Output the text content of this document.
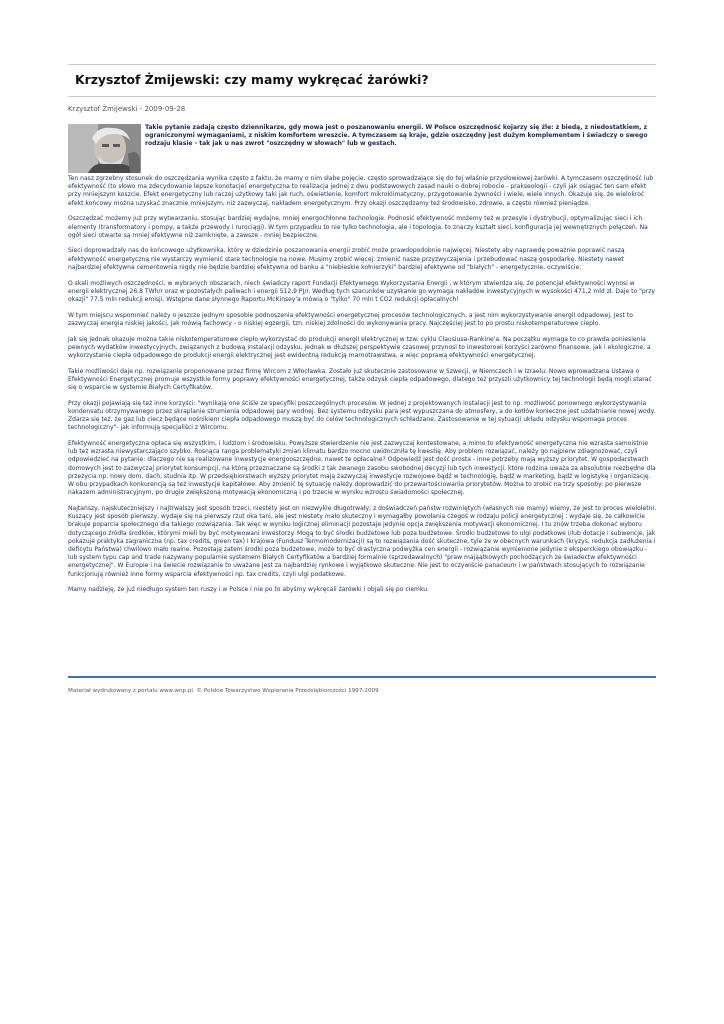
Krzysztof Żmijewski: czy mamy wykręcać żarówki?
Krzysztof Żmijewski - 2009-09-28

Takie pytanie zadają często dziennikarze, gdy mowa jest o poszanowaniu energii. W Polsce oszczędność kojarzy się źle: z biedą, z niedostatkiem, z ograniczonymi wymaganiami, z niskim komfortem wreszcie. A tymczasem są kraje, gdzie oszczędny jest dużym komplementem i świadczy o swego rodzaju klasie - tak jak u nas zwrot "oszczędny w słowach" lub w gestach.

Ten nasz zgrzebny stosunek do oszczędzania wynika często z faktu, że mamy o nim słabe pojęcie, często sprowadzające się do tej właśnie przysłowiowej żarówki. A tymczasem oszczędność lub efektywność (to słowo ma zdecydowanie lepsze konotacje) energetyczna to realizacja jednej z dwu podstawowych zasad nauki o dobrej robocie - prakseologii - czyli jak osiągać ten sam efekt przy mniejszym koszcie. Efekt energetyczny lub raczej użytkowy taki jak ruch, oświetlenie, komfort mikroklimatyczny, przygotowanie żywności i wiele, wiele innych. Okazuje się, że wielokroć efekt końcowy można uzyskać znacznie mniejszym, niż zazwyczaj, nakładem energetycznym. Przy okazji oszczędzamy też środowisko, zdrowie, a często również pieniądze.

Oszczędzać możemy już przy wytwarzaniu, stosując bardziej wydajne, mniej energochłonne technologie. Podnosić efektywność możemy też w przesyle i dystrybucji, optymalizując sieci i ich elementy (transformatory i pompy, a także przewody i rurociągi). W tym przypadku to nie tylko technologia, ale i topologia, to znaczy kształt sieci, konfiguracja jej wewnętrznych połączeń. Na ogół sieci otwarte są mniej efektywne niż zamknięte, a zawsze - mniej bezpieczne.

Sieci doprowadzały nas do końcowego użytkownika, który w dziedzinie poszanowania energii zrobić może prawdopodobnie najwięcej. Niestety aby naprawdę poważnie poprawić naszą efektywność energetyczną nie wystarczy wymienić stare technologie na nowe. Musimy zrobić więcej: zmienić nasze przyzwyczajenia i przebudować naszą gospodarkę. Niestety nawet najbardziej efektywna cementownia nigdy nie będzie bardziej efektywna od banku a "niebieskie kołnierzyki" bardziej efektywne od "białych" - energetycznie, oczywiście.

O skali możliwych oszczędności, w wybranych obszarach, niech świadczy raport Fundacji Efektywnego Wykorzystania Energii , w którym stwierdza się, że potencjał efektywności wynosi w energii elektrycznej 26,8 TWh/r oraz w pozostałych paliwach i energii 512,9 PJ/r. Według tych szacunków uzyskanie go wymaga nakładów inwestycyjnych w wysokości 471,2 mld zł. Daje to "przy okazji" 77.5 mln redukcji emisji. Wstępne dane słynnego Raportu McKinsey'a mówią o "tylko" 70 mln t CO2 redukcji opłacalnych!

W tym miejscu wspomnieć należy o jeszcze jednym sposobie podnoszenia efektywności energetycznej procesów technologicznych, a jest nim wykorzystywanie energii odpadowej. Jest to zazwyczaj energia niskiej jakości, jak mówią fachowcy - o niskiej egzergii, tzn. niskiej zdolności do wykonywania pracy. Najczęściej jest to po prostu niskotemperaturowe ciepło.

Jak się jednak okazuje można takie niskotemperaturowe ciepło wykorzystać do produkcji energii elektrycznej w tzw. cyklu Clausiusa-Rankine'a. Na początku wymaga to co prawda poniesienia pewnych wydatków inwestycyjnych, związanych z budową instalacji odzysku, jednak w dłuższej perspektywie czasowej przynosi to inwestorowi korzyści zarówno finansowe, jak i ekologiczne, a wykorzystanie ciepła odpadowego do produkcji energii elektrycznej jest ewidentną redukcją marnotrawstwa, a więc poprawą efektywności energetycznej.

Takie możliwości daje np. rozwiązanie proponowane przez firmę Wircom z Włocławka. Zostało już skutecznie zastosowane w Szwecji, w Niemczech i w Izraelu. Nowo wprowadzana Ustawa o Efektywności Energetycznej promuje wszystkie formy poprawy efektywności energetycznej, także odzysk ciepła odpadowego, dlatego też przyszli użytkownicy tej technologii będą mogli starać się o wsparcie w systemie Białych Certyfikatów.

Przy okazji pojawiają się też inne korzyści: "wynikają one ściśle ze specyfiki poszczególnych procesów. W jednej z projektowanych instalacji jest to np. możliwość ponownego wykorzystywania kondensatu otrzymywanego przez skraplanie strumienia odpadowej pary wodnej. Bez systemu odzysku para jest wypuszczana do atmosfery, a do kotłów konieczne jest uzdatnianie nowej wody. Zdarza się też, że gaz lub ciecz będące nośnikiem ciepła odpadowego muszą być do celów technologicznych schładzane. Zastosowanie w tej sytuacji układu odzysku wspomaga proces technologiczny"- jak informują specjaliści z Wircomu.

Efektywność energetyczna opłaca się wszystkim, i ludziom i środowisku. Powyższe stwierdzenie nie jest zazwyczaj kontestowane, a mimo to efektywność energetyczna nie wzrasta samoistnie lub też wzrasta niewystarczająco szybko. Rosnąca ranga problematyki zmian klimatu bardzo mocno uwidoczniła tę kwestię. Aby problem rozwiązać, należy go najpierw zdiagnozować, czyli odpowiedzieć na pytanie: dlaczego nie są realizowane inwestycje energooszczędne, nawet te opłacalne? Odpowiedź jest dość prosta - inne potrzeby mają wyższy priorytet. W gospodarstwach domowych jest to zazwyczaj priorytet konsumpcji, na którą przeznaczane są środki z tak zwanego zasobu swobodnej decyzji lub tych inwestycji, które rodzina uważa za absolutnie niezbędne dla przeżycia np. nowy dom, dach, studnia itp. W przedsiębiorstwach wyższy priorytet mają zazwyczaj inwestycje rozwojowe bądź w technologię, bądź w marketing, bądź w logistykę i organizację. W obu przypadkach konkurencją są też inwestycje kapitałowe. Aby zmienić tę sytuację należy doprowadzić do przewartościowania priorytetów. Można to zrobić na trzy sposoby: po pierwsze nakazem administracyjnym, po drugie zwiększoną motywacją ekonomiczną i po trzecie w wyniku wzrostu świadomości społecznej.

Najtańszy, najskuteczniejszy i najtrwalszy jest sposób trzeci, niestety jest on niezwykle długotrwały; z doświadczeń państw rozwiniętych (własnych nie mamy) wiemy, że jest to proces wieloletni. Kuszący jest sposób pierwszy, wydaje się na pierwszy rzut oka tani, ale jest niestety mało skuteczny i wymagałby powołania czegoś w rodzaju policji energetycznej ; wydaje się, że całkowicie brakuje poparcia społecznego dla takiego rozwiązania. Tak więc w wyniku logicznej eliminacji pozostaje jedynie opcja zwiększenia motywacji ekonomicznej. I tu znów trzeba dokonać wyboru dotyczącego źródła środków, którymi mieli by być motywowani inwestorzy. Mogą to być środki budżetowe lub poza budżetowe. Środki budżetowe to ulgi podatkowe i/lub dotacje i subwencje, jak pokazuje praktyka zagraniczna (np. tax credits, green tax) i krajowa (Fundusz Termomodernizacji) są to rozwiązania dość skuteczne, tyle że w obecnych warunkach (kryzys, redukcja zadłużenia i deficytu Państwa) chwilowo mało realne. Pozostają zatem środki poza budżetowe, może to być drastyczna podwyżka cen energii - rozwiązanie wymienione jedynie z eksperckiego obowiązku - lub system typu cap and trade nazywany popularnie systemem Białych Certyfikatów a bardziej formalnie (sprzedawalnych) "praw mająątkowych pochodzących ze świadectw efektywności energetycznej". W Europie i na świecie rozwiązanie to uważane jest za najbardziej rynkowe i wyjątkowo skuteczne. Nie jest to oczywiście panaceum i w państwach stosujących to rozwiązanie funkcjonują również inne formy wsparcia efektywności np. tax credits, czyli ulgi podatkowe.

Mamy nadzieję, że już niedługo system ten ruszy i w Polsce i nie po to abyśmy wykręcali żarówki i objali się po ciemku.

Materiał wydrukowany z portalu www.wnp.pl. © Polskie Towarzystwo Wspierania Przedsiębiorczości 1997-2009
